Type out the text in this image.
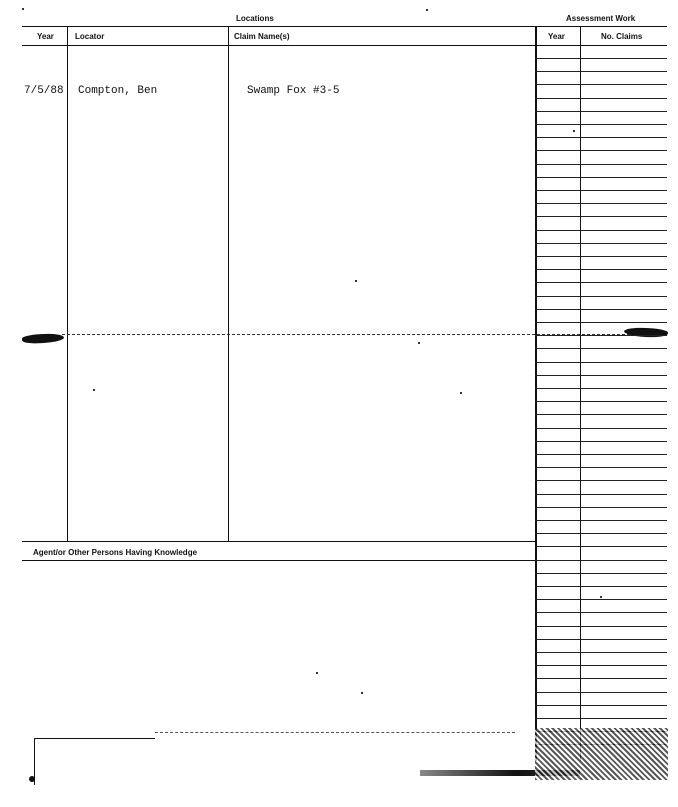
Locations	Assessment Work
Year	Locator	Claim Name(s)	Year	No. Claims
7/5/88 Compton, Ben	Swamp Fox #3-5
Agent/or Other Persons Having Knowledge
